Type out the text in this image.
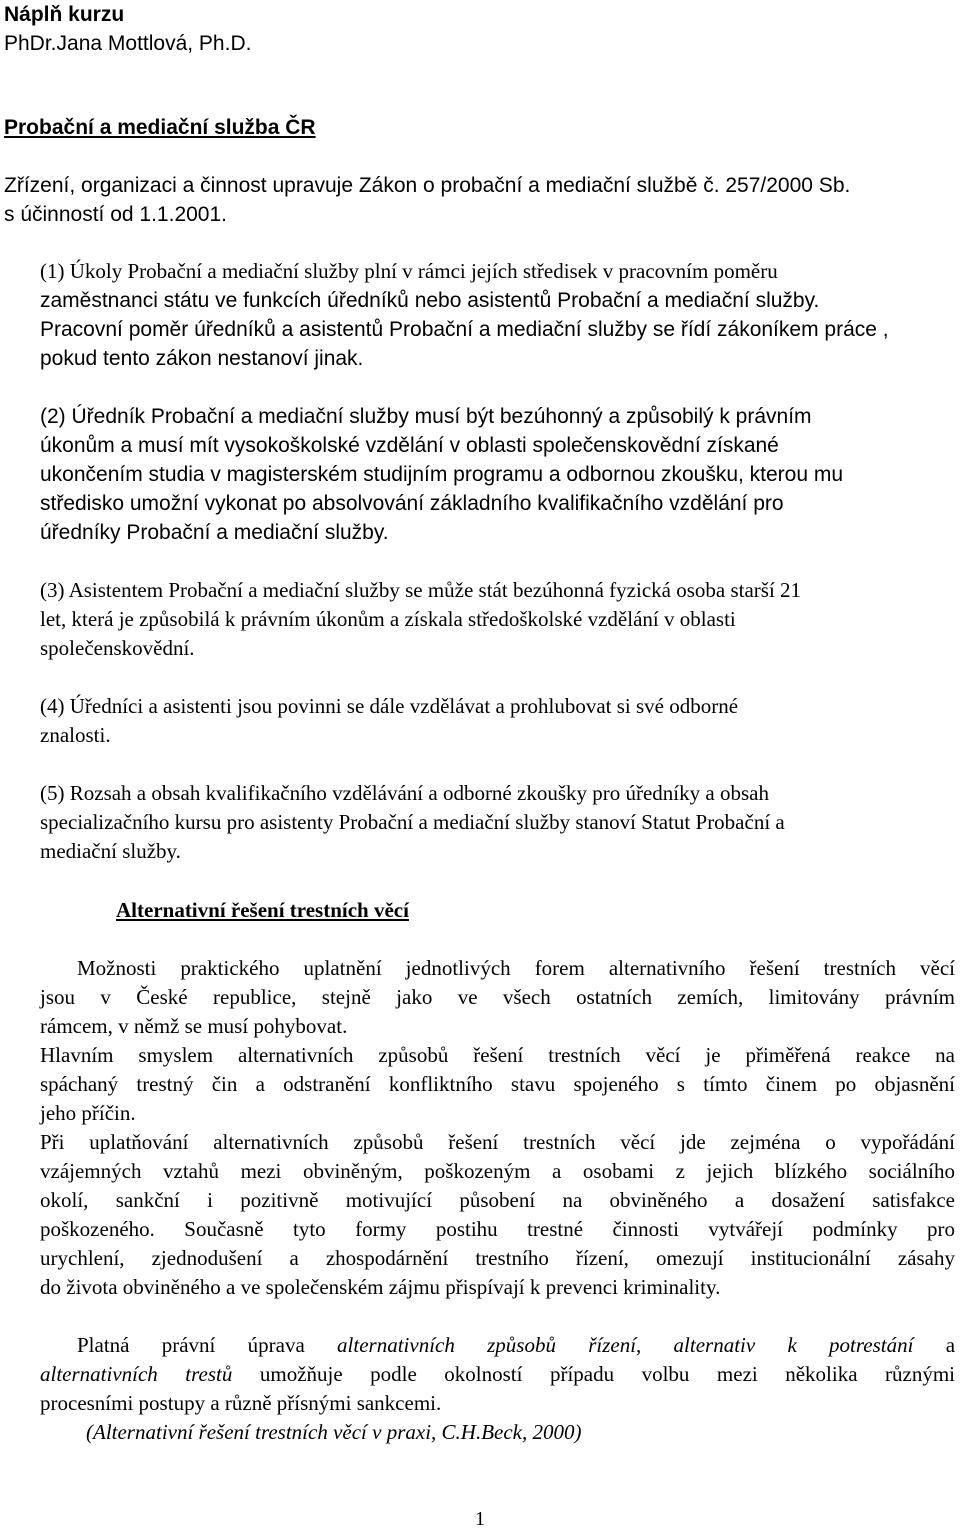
Náplň kurzu
PhDr.Jana Mottlová, Ph.D.
Probační a mediační služba ČR
Zřízení, organizaci a činnost upravuje Zákon o probační a mediační službě č. 257/2000 Sb.
s účinností od 1.1.2001.
(1) Úkoly Probační a mediační služby plní v rámci jejích středisek v pracovním poměru
zaměstnanci státu ve funkcích úředníků nebo asistentů Probační a mediační služby.
Pracovní poměr úředníků a asistentů Probační a mediační služby se řídí zákoníkem práce ,
pokud tento zákon nestanoví jinak.
(2) Úředník Probační a mediační služby musí být bezúhonný a způsobilý k právním
úkonům a musí mít vysokoškolské vzdělání v oblasti společenskovědní získané
ukončením studia v magisterském studijním programu a odbornou zkoušku, kterou mu
středisko umožní vykonat po absolvování základního kvalifikačního vzdělání pro
úředníky Probační a mediační služby.
(3) Asistentem Probační a mediační služby se může stát bezúhonná fyzická osoba starší 21
let, která je způsobilá k právním úkonům a získala středoškolské vzdělání v oblasti
společenskovědní.
(4) Úředníci a asistenti jsou povinni se dále vzdělávat a prohlubovat si své odborné
znalosti.
(5) Rozsah a obsah kvalifikačního vzdělávání a odborné zkoušky pro úředníky a obsah
specializačního kursu pro asistenty Probační a mediační služby stanoví Statut Probační a
mediační služby.
Alternativní řešení trestních věcí
Možnosti praktického uplatnění jednotlivých forem alternativního řešení trestních věcí
jsou v České republice, stejně jako ve všech ostatních zemích, limitovány právním
rámcem, v němž se musí pohybovat.
Hlavním smyslem alternativních způsobů řešení trestních věcí je přiměřená reakce na
spáchaný trestný čin a odstranění konfliktního stavu spojeného s tímto činem po objasnění
jeho příčin.
Při uplatňování alternativních způsobů řešení trestních věcí jde zejména o vypořádání
vzájemných vztahů mezi obviněným, poškozeným a osobami z jejich blízkého sociálního
okolí, sankční i pozitivně motivující působení na obviněného a dosažení satisfakce
poškozeného. Současně tyto formy postihu trestné činnosti vytvářejí podmínky pro
urychlení, zjednodušení a zhospodárnění trestního řízení, omezují institucionální zásahy
do života obviněného a ve společenském zájmu přispívají k prevenci kriminality.
Platná právní úprava alternativních způsobů řízení, alternativ k potrestání a
alternativních trestů umožňuje podle okolností případu volbu mezi několika různými
procesními postupy a různě přísnými sankcemi.
(Alternativní řešení trestních věcí v praxi, C.H.Beck, 2000)
1
